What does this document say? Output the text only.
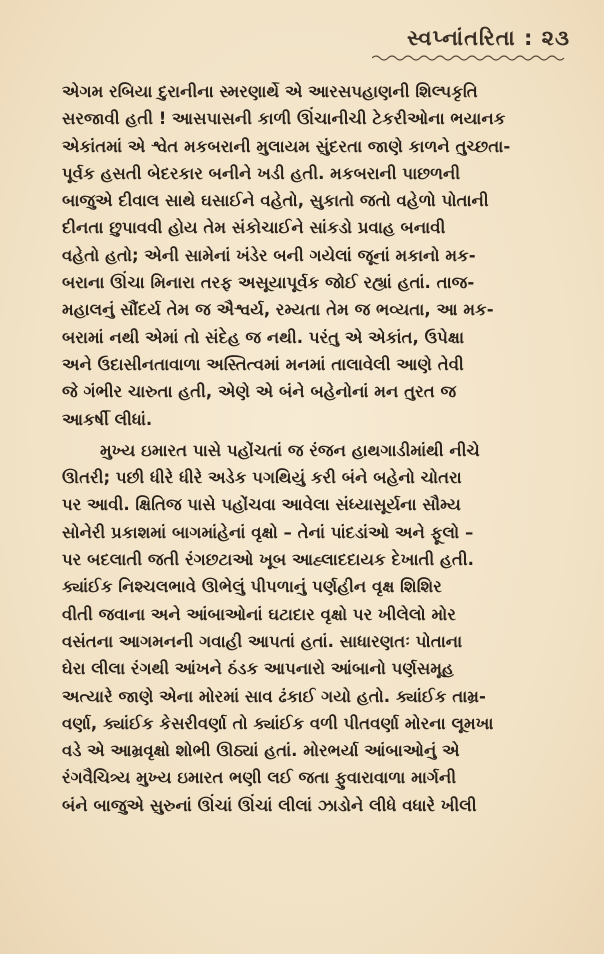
સ્વપ્નાંતરિતા : ૨૩

એગમ રબિયા દુરાનીના સ્મરણાર્થે એ આરસપહાણની શિલ્પકૃતિ
સરજાવી હતી ! આસપાસની કાળી ઊંચાનીચી ટેકરીઓના ભયાનક
એકાંતમાં એ શ્વેત મકબરાની મુલાયમ સુંદરતા જાણે કાળને તુચ્છતા-
પૂર્વક હસતી બેદરકાર બનીને ખડી હતી. મકબરાની પાછળની
બાજુએ દીવાલ સાથે ઘસાઈને વહેતો, સુકાતો જતો વહેળો પોતાની
દીનતા છુપાવવી હોય તેમ સંકોચાઈને સાંકડો પ્રવાહ બનાવી
વહેતો હતો; એની સામેનાં ખંડેર બની ગયેલાં જૂનાં મકાનો મક-
બરાના ઊંચા મિનારા તરફ અસૂયાપૂર્વક જોઈ રહ્યાં હતાં. તાજ-
મહાલનું સૌંદર્ય તેમ જ ઐશ્વર્ય, રમ્યતા તેમ જ ભવ્યતા, આ મક-
બરામાં નથી એમાં તો સંદેહ જ નથી. પરંતુ એ એકાંત, ઉપેક્ષા
અને ઉદાસીનતાવાળા અસ્તિત્વમાં મનમાં તાલાવેલી આણે તેવી
જે ગંભીર ચારુતા હતી, એણે એ બંને બહેનોનાં મન તુરત જ
આકર્ષી લીધાં.

મુખ્ય ઇમારત પાસે પહોંચતાં જ રંજન હાથગાડીમાંથી નીચે
ઊતરી; પછી ધીરે ધીરે અડેક પગથિયું કરી બંને બહેનો ચોતરા
પર આવી. ક્ષિતિજ પાસે પહોંચવા આવેલા સંધ્યાસૂર્યના સૌમ્ય
સોનેરી પ્રકાશમાં બાગમાંહેનાં વૃક્ષો – તેનાં પાંદડાંઓ અને ફૂલો –
પર બદલાતી જતી રંગછટાઓ ખૂબ આહ્લાદદાયક દેખાતી હતી.
ક્યાંઈક નિશ્ચલભાવે ઊભેલું પીપળાનું પર્ણહીન વૃક્ષ શિશિર
વીતી જવાના અને આંબાઓનાં ઘટાદાર વૃક્ષો પર ખીલેલો મોર
વસંતના આગમનની ગવાહી આપતાં હતાં. સાધારણતઃ પોતાના
ઘેરા લીલા રંગથી આંખને ઠંડક આપનારો આંબાનો પર્ણસમૂહ
અત્યારે જાણે એના મોરમાં સાવ ઢંકાઈ ગયો હતો. ક્યાંઈક તામ્ર-
વર્ણા, ક્યાંઈક કેસરીવર્ણા તો ક્યાંઈક વળી પીતવર્ણા મોરના લૂમખા
વડે એ આમ્રવૃક્ષો શોભી ઊઠ્યાં હતાં. મોરભર્યા આંબાઓનું એ
રંગવૈચિત્ર્ય મુખ્ય ઇમારત ભણી લઈ જતા ફુવારાવાળા માર્ગની
બંને બાજુએ સુરુનાં ઊંચાં ઊંચાં લીલાં ઝાડોને લીધે વધારે ખીલી
